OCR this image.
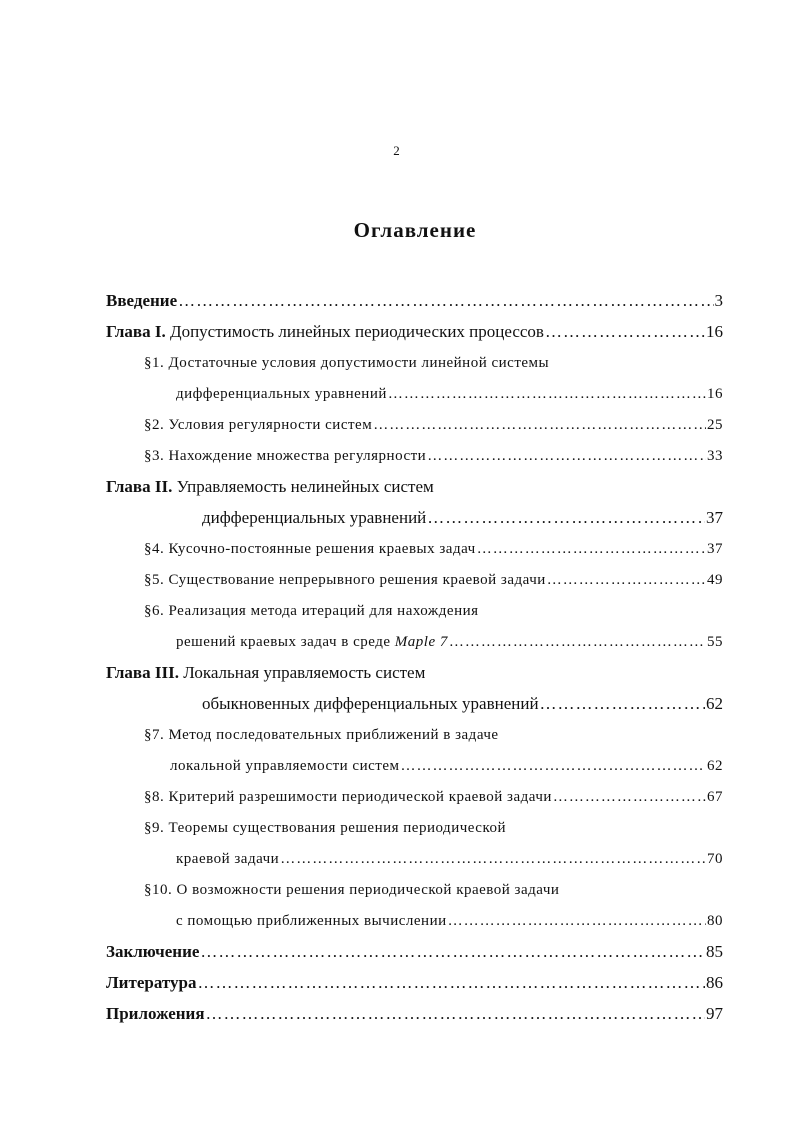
2
Оглавление
Введение ……………………………………………………………………………………………………………………………………………………………………………………………	3
Глава I. Допустимость линейных периодических процессов ……………………………………………………………………………………………………………………………………………………………………………………………	16
§1. Достаточные условия допустимости линейной системы
дифференциальных уравнений ……………………………………………………………………………………………………………………………………………………………………………………………	16
§2. Условия регулярности систем ……………………………………………………………………………………………………………………………………………………………………………………………	25
§3. Нахождение множества регулярности ……………………………………………………………………………………………………………………………………………………………………………………………	33
Глава II. Управляемость нелинейных систем
дифференциальных уравнений ……………………………………………………………………………………………………………………………………………………………………………………………	37
§4. Кусочно-постоянные решения краевых задач ……………………………………………………………………………………………………………………………………………………………………………………………	37
§5. Существование непрерывного решения краевой задачи ……………………………………………………………………………………………………………………………………………………………………………………………	49
§6. Реализация метода итераций для нахождения
решений краевых задач в среде Maple 7 ……………………………………………………………………………………………………………………………………………………………………………………………	55
Глава III. Локальная управляемость систем
обыкновенных дифференциальных уравнений ……………………………………………………………………………………………………………………………………………………………………………………………	62
§7. Метод последовательных приближений в задаче
локальной управляемости систем ……………………………………………………………………………………………………………………………………………………………………………………………	62
§8. Критерий разрешимости периодической краевой задачи ……………………………………………………………………………………………………………………………………………………………………………………………	67
§9. Теоремы существования решения периодической
краевой задачи ……………………………………………………………………………………………………………………………………………………………………………………………	70
§10. О возможности решения периодической краевой задачи
с помощью приближенных вычислении ……………………………………………………………………………………………………………………………………………………………………………………………	80
Заключение ……………………………………………………………………………………………………………………………………………………………………………………………	85
Литература ……………………………………………………………………………………………………………………………………………………………………………………………	86
Приложения ……………………………………………………………………………………………………………………………………………………………………………………………	97
